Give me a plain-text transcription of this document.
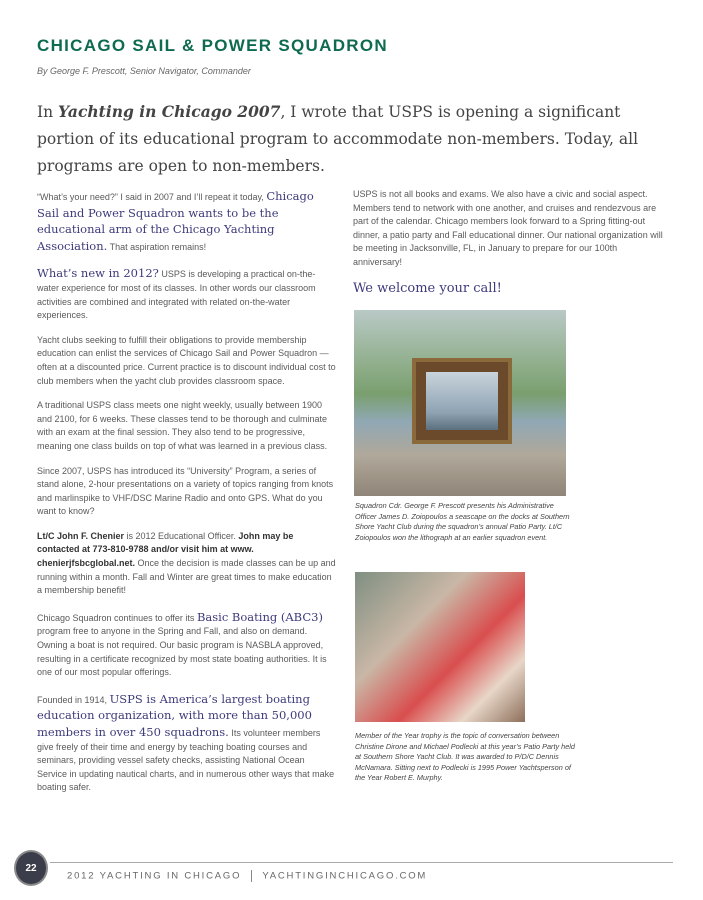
CHICAGO SAIL & POWER SQUADRON
By George F. Prescott, Senior Navigator, Commander
In Yachting in Chicago 2007, I wrote that USPS is opening a significant portion of its educational program to accommodate non-members. Today, all programs are open to non-members.

“What’s your need?” I said in 2007 and I’ll repeat it today, Chicago Sail and Power Squadron wants to be the educational arm of the Chicago Yachting Association. That aspiration remains!

What’s new in 2012? USPS is developing a practical on-the-water experience for most of its classes. In other words our classroom activities are combined and integrated with related on-the-water experiences.

Yacht clubs seeking to fulfill their obligations to provide membership education can enlist the services of Chicago Sail and Power Squadron — often at a discounted price. Current practice is to discount individual cost to club members when the yacht club provides classroom space.

A traditional USPS class meets one night weekly, usually between 1900 and 2100, for 6 weeks. These classes tend to be thorough and culminate with an exam at the final session. They also tend to be progressive, meaning one class builds on top of what was learned in a previous class.

Since 2007, USPS has introduced its “University” Program, a series of stand alone, 2-hour presentations on a variety of topics ranging from knots and marlinspike to VHF/DSC Marine Radio and onto GPS. What do you want to know?

Lt/C John F. Chenier is 2012 Educational Officer. John may be contacted at 773-810-9788 and/or visit him at www. chenierjfsbcglobal.net. Once the decision is made classes can be up and running within a month. Fall and Winter are great times to make education a membership benefit!

Chicago Squadron continues to offer its Basic Boating (ABC3) program free to anyone in the Spring and Fall, and also on demand. Owning a boat is not required. Our basic program is NASBLA approved, resulting in a certificate recognized by most state boating authorities. It is one of our most popular offerings.

Founded in 1914, USPS is America’s largest boating education organization, with more than 50,000 members in over 450 squadrons. Its volunteer members give freely of their time and energy by teaching boating courses and seminars, providing vessel safety checks, assisting National Ocean Service in updating nautical charts, and in numerous other ways that make boating safer.

USPS is not all books and exams. We also have a civic and social aspect. Members tend to network with one another, and cruises and rendezvous are part of the calendar. Chicago members look forward to a Spring fitting-out dinner, a patio party and Fall educational dinner. Our national organization will be meeting in Jacksonville, FL, in January to prepare for our 100th anniversary!

We welcome your call!

Squadron Cdr. George F. Prescott presents his Administrative Officer James D. Zoiopoulos a seascape on the docks at Southern Shore Yacht Club during the squadron’s annual Patio Party. Lt/C Zoiopoulos won the lithograph at an earlier squadron event.
Member of the Year trophy is the topic of conversation between Christine Dirone and Michael Podlecki at this year’s Patio Party held at Southern Shore Yacht Club. It was awarded to P/D/C Dennis McNamara. Sitting next to Podlecki is 1995 Power Yachtsperson of the Year Robert E. Murphy.
22
2012 YACHTING IN CHICAGO YACHTINGINCHICAGO.COM
